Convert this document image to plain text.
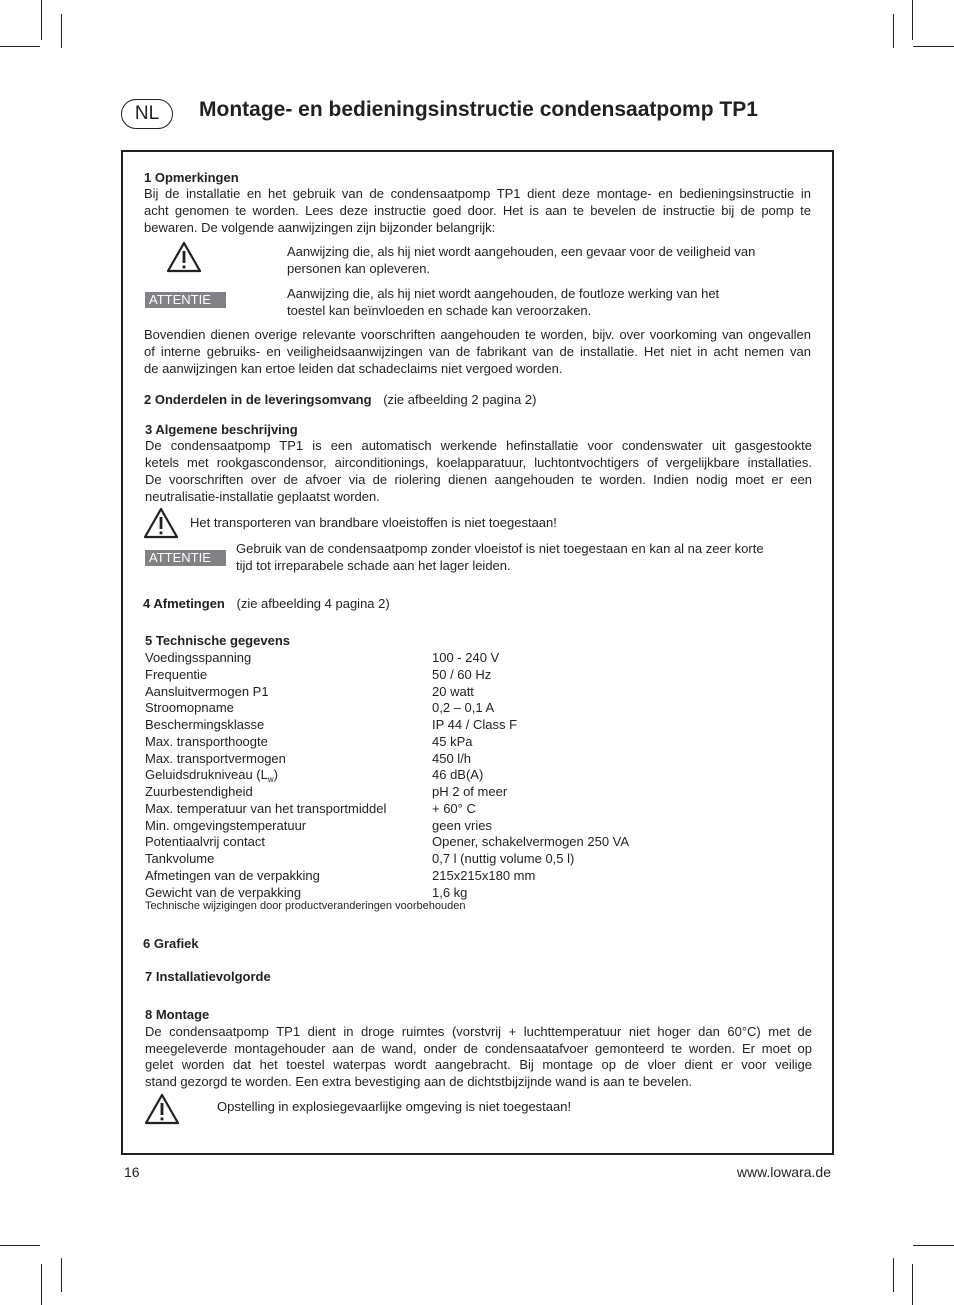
NL	Montage- en bedieningsinstructie condensaatpomp TP1
1 Opmerkingen
Bij de installatie en het gebruik van de condensaatpomp TP1 dient deze montage- en bedieningsinstructie in
acht genomen te worden. Lees deze instructie goed door. Het is aan te bevelen de instructie bij de pomp te
bewaren. De volgende aanwijzingen zijn bijzonder belangrijk:
Aanwijzing die, als hij niet wordt aangehouden, een gevaar voor de veiligheid van
personen kan opleveren.
ATTENTIE	Aanwijzing die, als hij niet wordt aangehouden, de foutloze werking van het
toestel kan beïnvloeden en schade kan veroorzaken.
Bovendien dienen overige relevante voorschriften aangehouden te worden, bijv. over voorkoming van ongevallen
of interne gebruiks- en veiligheidsaanwijzingen van de fabrikant van de installatie. Het niet in acht nemen van
de aanwijzingen kan ertoe leiden dat schadeclaims niet vergoed worden.
2 Onderdelen in de leveringsomvang (zie afbeelding 2 pagina 2)
3 Algemene beschrijving
De condensaatpomp TP1 is een automatisch werkende hefinstallatie voor condenswater uit gasgestookte
ketels met rookgascondensor, airconditionings, koelapparatuur, luchtontvochtigers of vergelijkbare installaties.
De voorschriften over de afvoer via de riolering dienen aangehouden te worden. Indien nodig moet er een
neutralisatie-installatie geplaatst worden.
Het transporteren van brandbare vloeistoffen is niet toegestaan!
ATTENTIE
Gebruik van de condensaatpomp zonder vloeistof is niet toegestaan en kan al na zeer korte
tijd tot irreparabele schade aan het lager leiden.
4 Afmetingen (zie afbeelding 4 pagina 2)
5 Technische gegevens
Voedingsspanning	100 - 240 V
Frequentie	50 / 60 Hz
Aansluitvermogen P1	20 watt
Stroomopname	0,2 – 0,1 A
Beschermingsklasse	IP 44 / Class F
Max. transporthoogte	45 kPa
Max. transportvermogen	450 l/h
Geluidsdrukniveau $(L_w)$	46 dB(A)
Zuurbestendigheid	pH 2 of meer
Max. temperatuur van het transportmiddel	+ 60° C
Min. omgevingstemperatuur	geen vries
Potentiaalvrij contact	Opener, schakelvermogen 250 VA
Tankvolume	0,7 l (nuttig volume 0,5 l)
Afmetingen van de verpakking	215x215x180 mm
Gewicht van de verpakking	1,6 kg
Technische wijzigingen door productveranderingen voorbehouden
6 Grafiek
7 Installatievolgorde
8 Montage
De condensaatpomp TP1 dient in droge ruimtes (vorstvrij + luchttemperatuur niet hoger dan 60°C) met de
meegeleverde montagehouder aan de wand, onder de condensaatafvoer gemonteerd te worden. Er moet op
gelet worden dat het toestel waterpas wordt aangebracht. Bij montage op de vloer dient er voor veilige
stand gezorgd te worden. Een extra bevestiging aan de dichtstbijzijnde wand is aan te bevelen.
Opstelling in explosiegevaarlijke omgeving is niet toegestaan!
16	www.lowara.de
